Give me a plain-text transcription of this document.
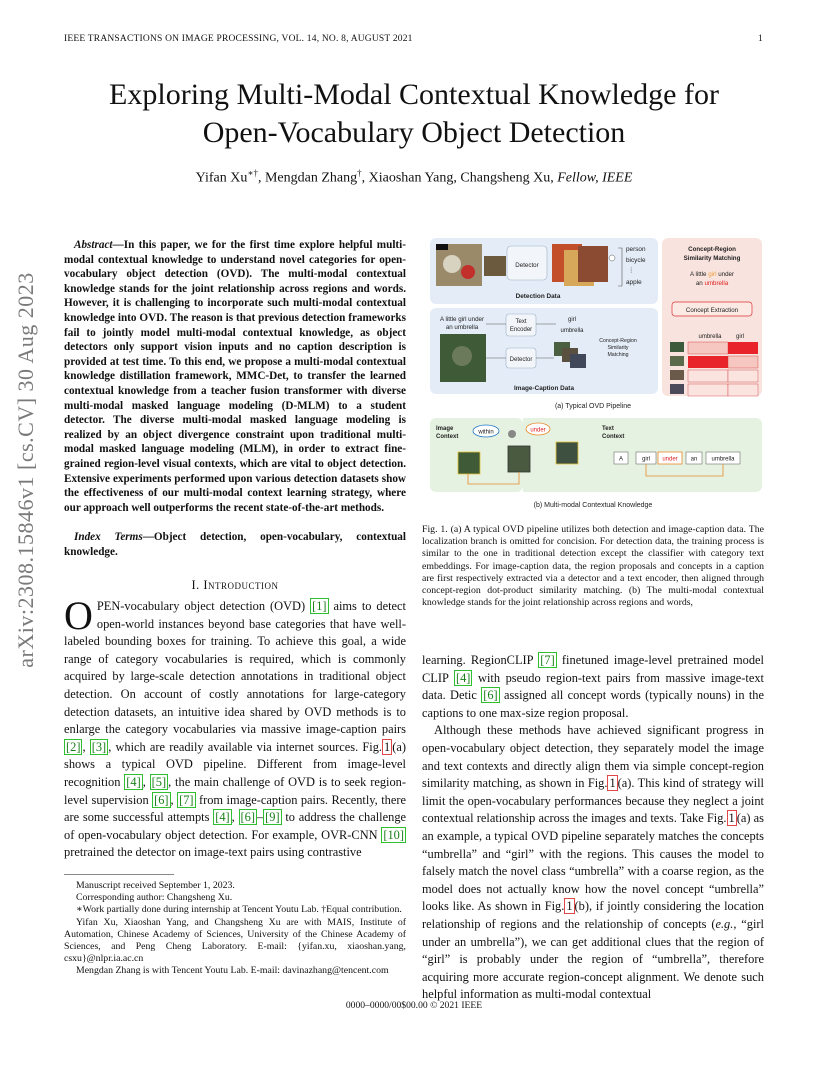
IEEE TRANSACTIONS ON IMAGE PROCESSING, VOL. 14, NO. 8, AUGUST 2021	1
Exploring Multi-Modal Contextual Knowledge for
Open-Vocabulary Object Detection
Yifan Xu∗†, Mengdan Zhang†, Xiaoshan Yang, Changsheng Xu, Fellow, IEEE
arXiv:2308.15846v1 [cs.CV] 30 Aug 2023
Abstract—In this paper, we for the first time explore helpful multi-modal contextual knowledge to understand novel categories for open-vocabulary object detection (OVD). The multi-modal contextual knowledge stands for the joint relationship across regions and words. However, it is challenging to incorporate such multi-modal contextual knowledge into OVD. The reason is that previous detection frameworks fail to jointly model multi-modal contextual knowledge, as object detectors only support vision inputs and no caption description is provided at test time. To this end, we propose a multi-modal contextual knowledge distillation framework, MMC-Det, to transfer the learned contextual knowledge from a teacher fusion transformer with diverse multi-modal masked language modeling (D-MLM) to a student detector. The diverse multi-modal masked language modeling is realized by an object divergence constraint upon traditional multi-modal masked language modeling (MLM), in order to extract fine-grained region-level visual contexts, which are vital to object detection. Extensive experiments performed upon various detection datasets show the effectiveness of our multi-modal context learning strategy, where our approach well outperforms the recent state-of-the-art methods.
Index Terms—Object detection, open-vocabulary, contextual knowledge.
I. Introduction

OPEN-vocabulary object detection (OVD) [1] aims to detect open-world instances beyond base categories that have well-labeled bounding boxes for training. To achieve this goal, a wide range of category vocabularies is required, which is commonly acquired by large-scale detection annotations in traditional object detection. On account of costly annotations for large-category detection datasets, an intuitive idea shared by OVD methods is to enlarge the category vocabularies via massive image-caption pairs [2] , [3] , which are readily available via internet sources. Fig. 1 (a) shows a typical OVD pipeline. Different from image-level recognition [4] , [5] , the main challenge of OVD is to seek region-level supervision [6] , [7] from image-caption pairs. Recently, there are some successful attempts [4] , [6] – [9] to address the challenge of open-vocabulary object detection. For example, OVR-CNN [10] pretrained the detector on image-text pairs using contrastive

Manuscript received September 1, 2023.

Corresponding author: Changsheng Xu.

∗Work partially done during internship at Tencent Youtu Lab. †Equal contribution.

Yifan Xu, Xiaoshan Yang, and Changsheng Xu are with MAIS, Institute of Automation, Chinese Academy of Sciences, University of the Chinese Academy of Sciences, and Peng Cheng Laboratory. E-mail: {yifan.xu, xiaoshan.yang, csxu}@nlpr.ia.ac.cn

Mengdan Zhang is with Tencent Youtu Lab. E-mail: davinazhang@tencent.com

0000–0000/00$00.00 © 2021 IEEE
Detector
person
bicycle
⋮
apple
Detection Data
Concept-Region
Similarity Matching
A little girl under
an umbrella
Concept Extraction
umbrella girl
A little girl under
an umbrella
Text
Encoder
girl
umbrella
Concept-Region
Similarity
Matching
Detector
Image-Caption Data
(a) Typical OVD Pipeline
Image
Context
within	under	Text
Context
A	girl under an umbrella
(b) Multi-modal Contextual Knowledge
Fig. 1. (a) A typical OVD pipeline utilizes both detection and image-caption data. The localization branch is omitted for concision. For detection data, the training process is similar to the one in traditional detection except the classifier with category text embeddings. For image-caption data, the region proposals and concepts in a caption are first respectively extracted via a detector and a text encoder, then aligned through concept-region dot-product similarity matching. (b) The multi-modal contextual knowledge stands for the joint relationship across regions and words,

learning. RegionCLIP [7] finetuned image-level pretrained model CLIP [4] with pseudo region-text pairs from massive image-text data. Detic [6] assigned all concept words (typically nouns) in the captions to one max-size region proposal.

Although these methods have achieved significant progress in open-vocabulary object detection, they separately model the image and text contexts and directly align them via simple concept-region similarity matching, as shown in Fig. 1 (a). This kind of strategy will limit the open-vocabulary performances because they neglect a joint contextual relationship across the images and texts. Take Fig. 1 (a) as an example, a typical OVD pipeline separately matches the concepts “umbrella” and “girl” with the regions. This causes the model to falsely match the novel class “umbrella” with a coarse region, as the model does not actually know how the novel concept “umbrella” looks like. As shown in Fig. 1 (b), if jointly considering the location relationship of regions and the relationship of concepts (e.g., “girl under an umbrella”), we can get additional clues that the region of “girl” is probably under the region of “umbrella”, therefore acquiring more accurate region-concept alignment. We denote such helpful information as multi-modal contextual
